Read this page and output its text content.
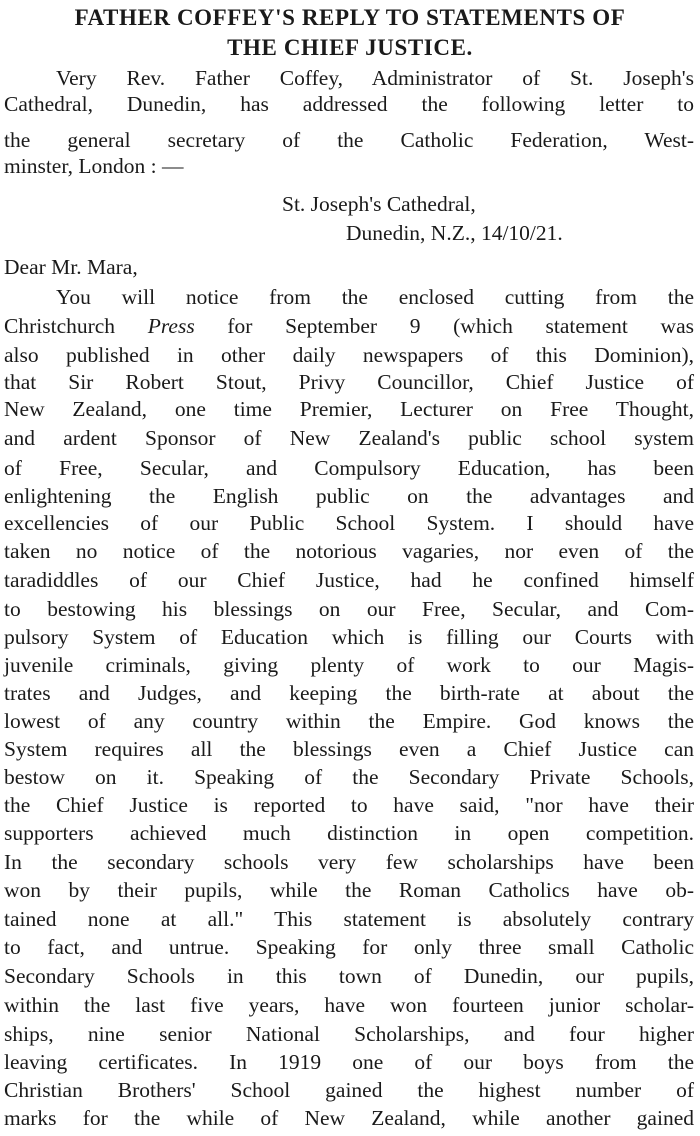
FATHER COFFEY'S REPLY TO STATEMENTS OF
THE CHIEF JUSTICE.
Very Rev. Father Coffey, Administrator of St. Joseph's
Cathedral, Dunedin, has addressed the following letter to
the general secretary of the Catholic Federation, West-
minster, London : —
St. Joseph's Cathedral,
Dunedin, N.Z., 14/10/21.
Dear Mr. Mara,
You will notice from the enclosed cutting from the
Christchurch Press for September 9 (which statement was
also published in other daily newspapers of this Dominion),
that Sir Robert Stout, Privy Councillor, Chief Justice of
New Zealand, one time Premier, Lecturer on Free Thought,
and ardent Sponsor of New Zealand's public school system
of Free, Secular, and Compulsory Education, has been
enlightening the English public on the advantages and
excellencies of our Public School System. I should have
taken no notice of the notorious vagaries, nor even of the
taradiddles of our Chief Justice, had he confined himself
to bestowing his blessings on our Free, Secular, and Com-
pulsory System of Education which is filling our Courts with
juvenile criminals, giving plenty of work to our Magis-
trates and Judges, and keeping the birth-rate at about the
lowest of any country within the Empire. God knows the
System requires all the blessings even a Chief Justice can
bestow on it. Speaking of the Secondary Private Schools,
the Chief Justice is reported to have said, "nor have their
supporters achieved much distinction in open competition.
In the secondary schools very few scholarships have been
won by their pupils, while the Roman Catholics have ob-
tained none at all." This statement is absolutely contrary
to fact, and untrue. Speaking for only three small Catholic
Secondary Schools in this town of Dunedin, our pupils,
within the last five years, have won fourteen junior scholar-
ships, nine senior National Scholarships, and four higher
leaving certificates. In 1919 one of our boys from the
Christian Brothers' School gained the highest number of
marks for the while of New Zealand, while another gained
